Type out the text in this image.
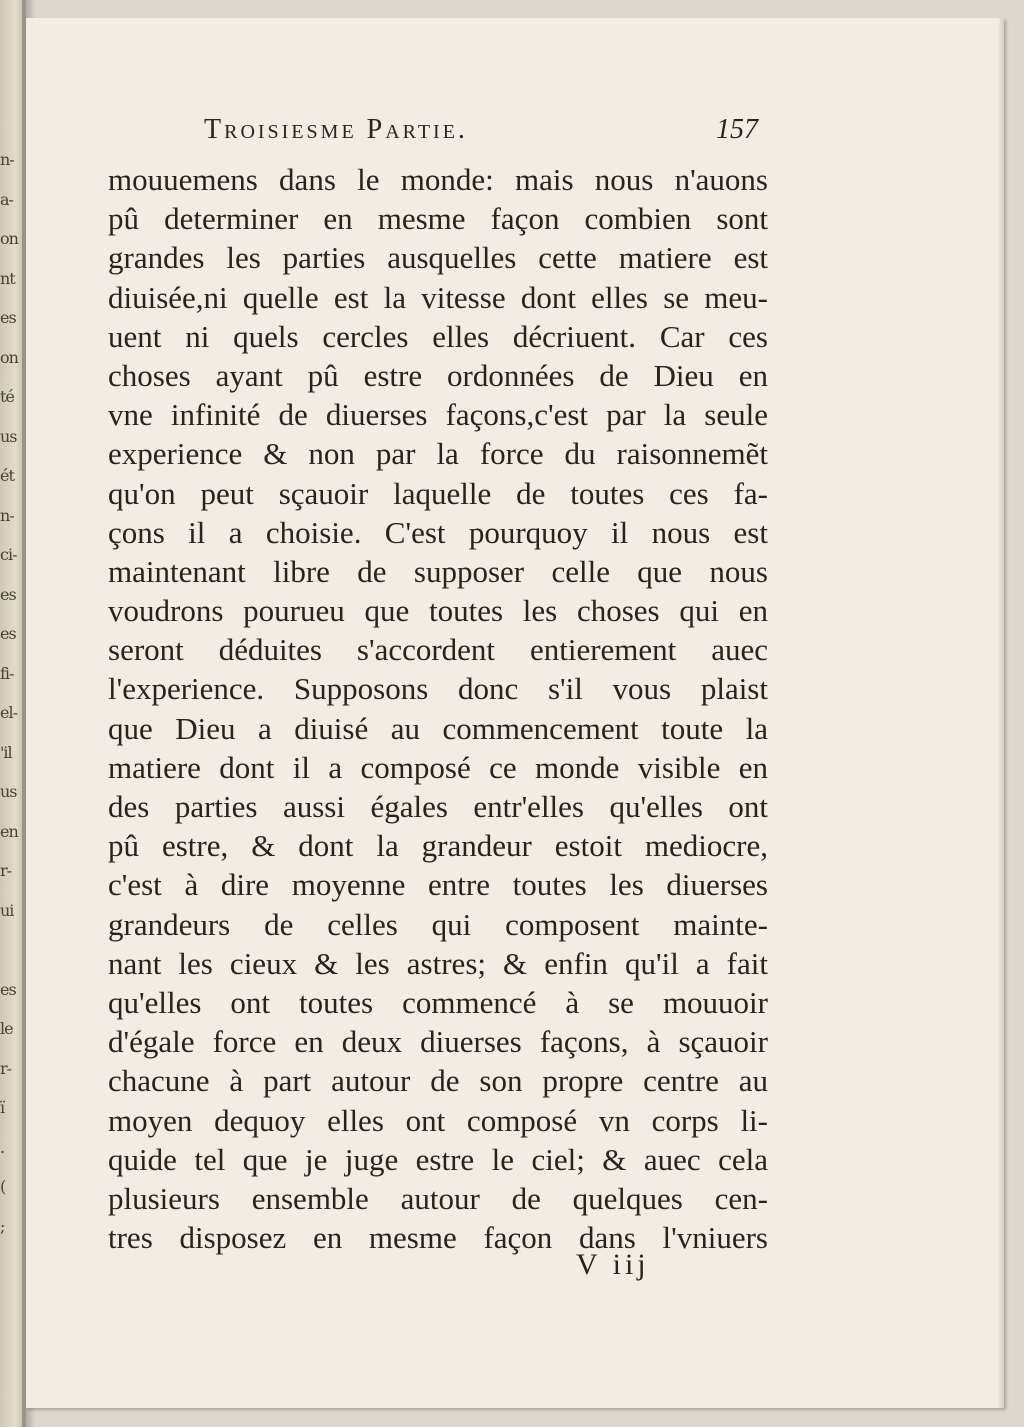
n-
a-
on
nt
es
on
té
us
ét
n-
ci-
es
es
fi-
el-
'il
us
en
r-
ui
es
le
r-
ï
.
(
;
Troisiesme Partie.	157
mouuemens dans le monde: mais nous n'auons
pû determiner en mesme façon combien sont
grandes les parties ausquelles cette matiere est
diuisée,ni quelle est la vitesse dont elles se meu-
uent ni quels cercles elles décriuent. Car ces
choses ayant pû estre ordonnées de Dieu en
vne infinité de diuerses façons,c'est par la seule
experience & non par la force du raisonnemẽt
qu'on peut sçauoir laquelle de toutes ces fa-
çons il a choisie. C'est pourquoy il nous est
maintenant libre de supposer celle que nous
voudrons pourueu que toutes les choses qui en
seront déduites s'accordent entierement auec
l'experience. Supposons donc s'il vous plaist
que Dieu a diuisé au commencement toute la
matiere dont il a composé ce monde visible en
des parties aussi égales entr'elles qu'elles ont
pû estre, & dont la grandeur estoit mediocre,
c'est à dire moyenne entre toutes les diuerses
grandeurs de celles qui composent mainte-
nant les cieux & les astres; & enfin qu'il a fait
qu'elles ont toutes commencé à se mouuoir
d'égale force en deux diuerses façons, à sçauoir
chacune à part autour de son propre centre au
moyen dequoy elles ont composé vn corps li-
quide tel que je juge estre le ciel; & auec cela
plusieurs ensemble autour de quelques cen-
tres disposez en mesme façon dans l'vniuers
V iij
